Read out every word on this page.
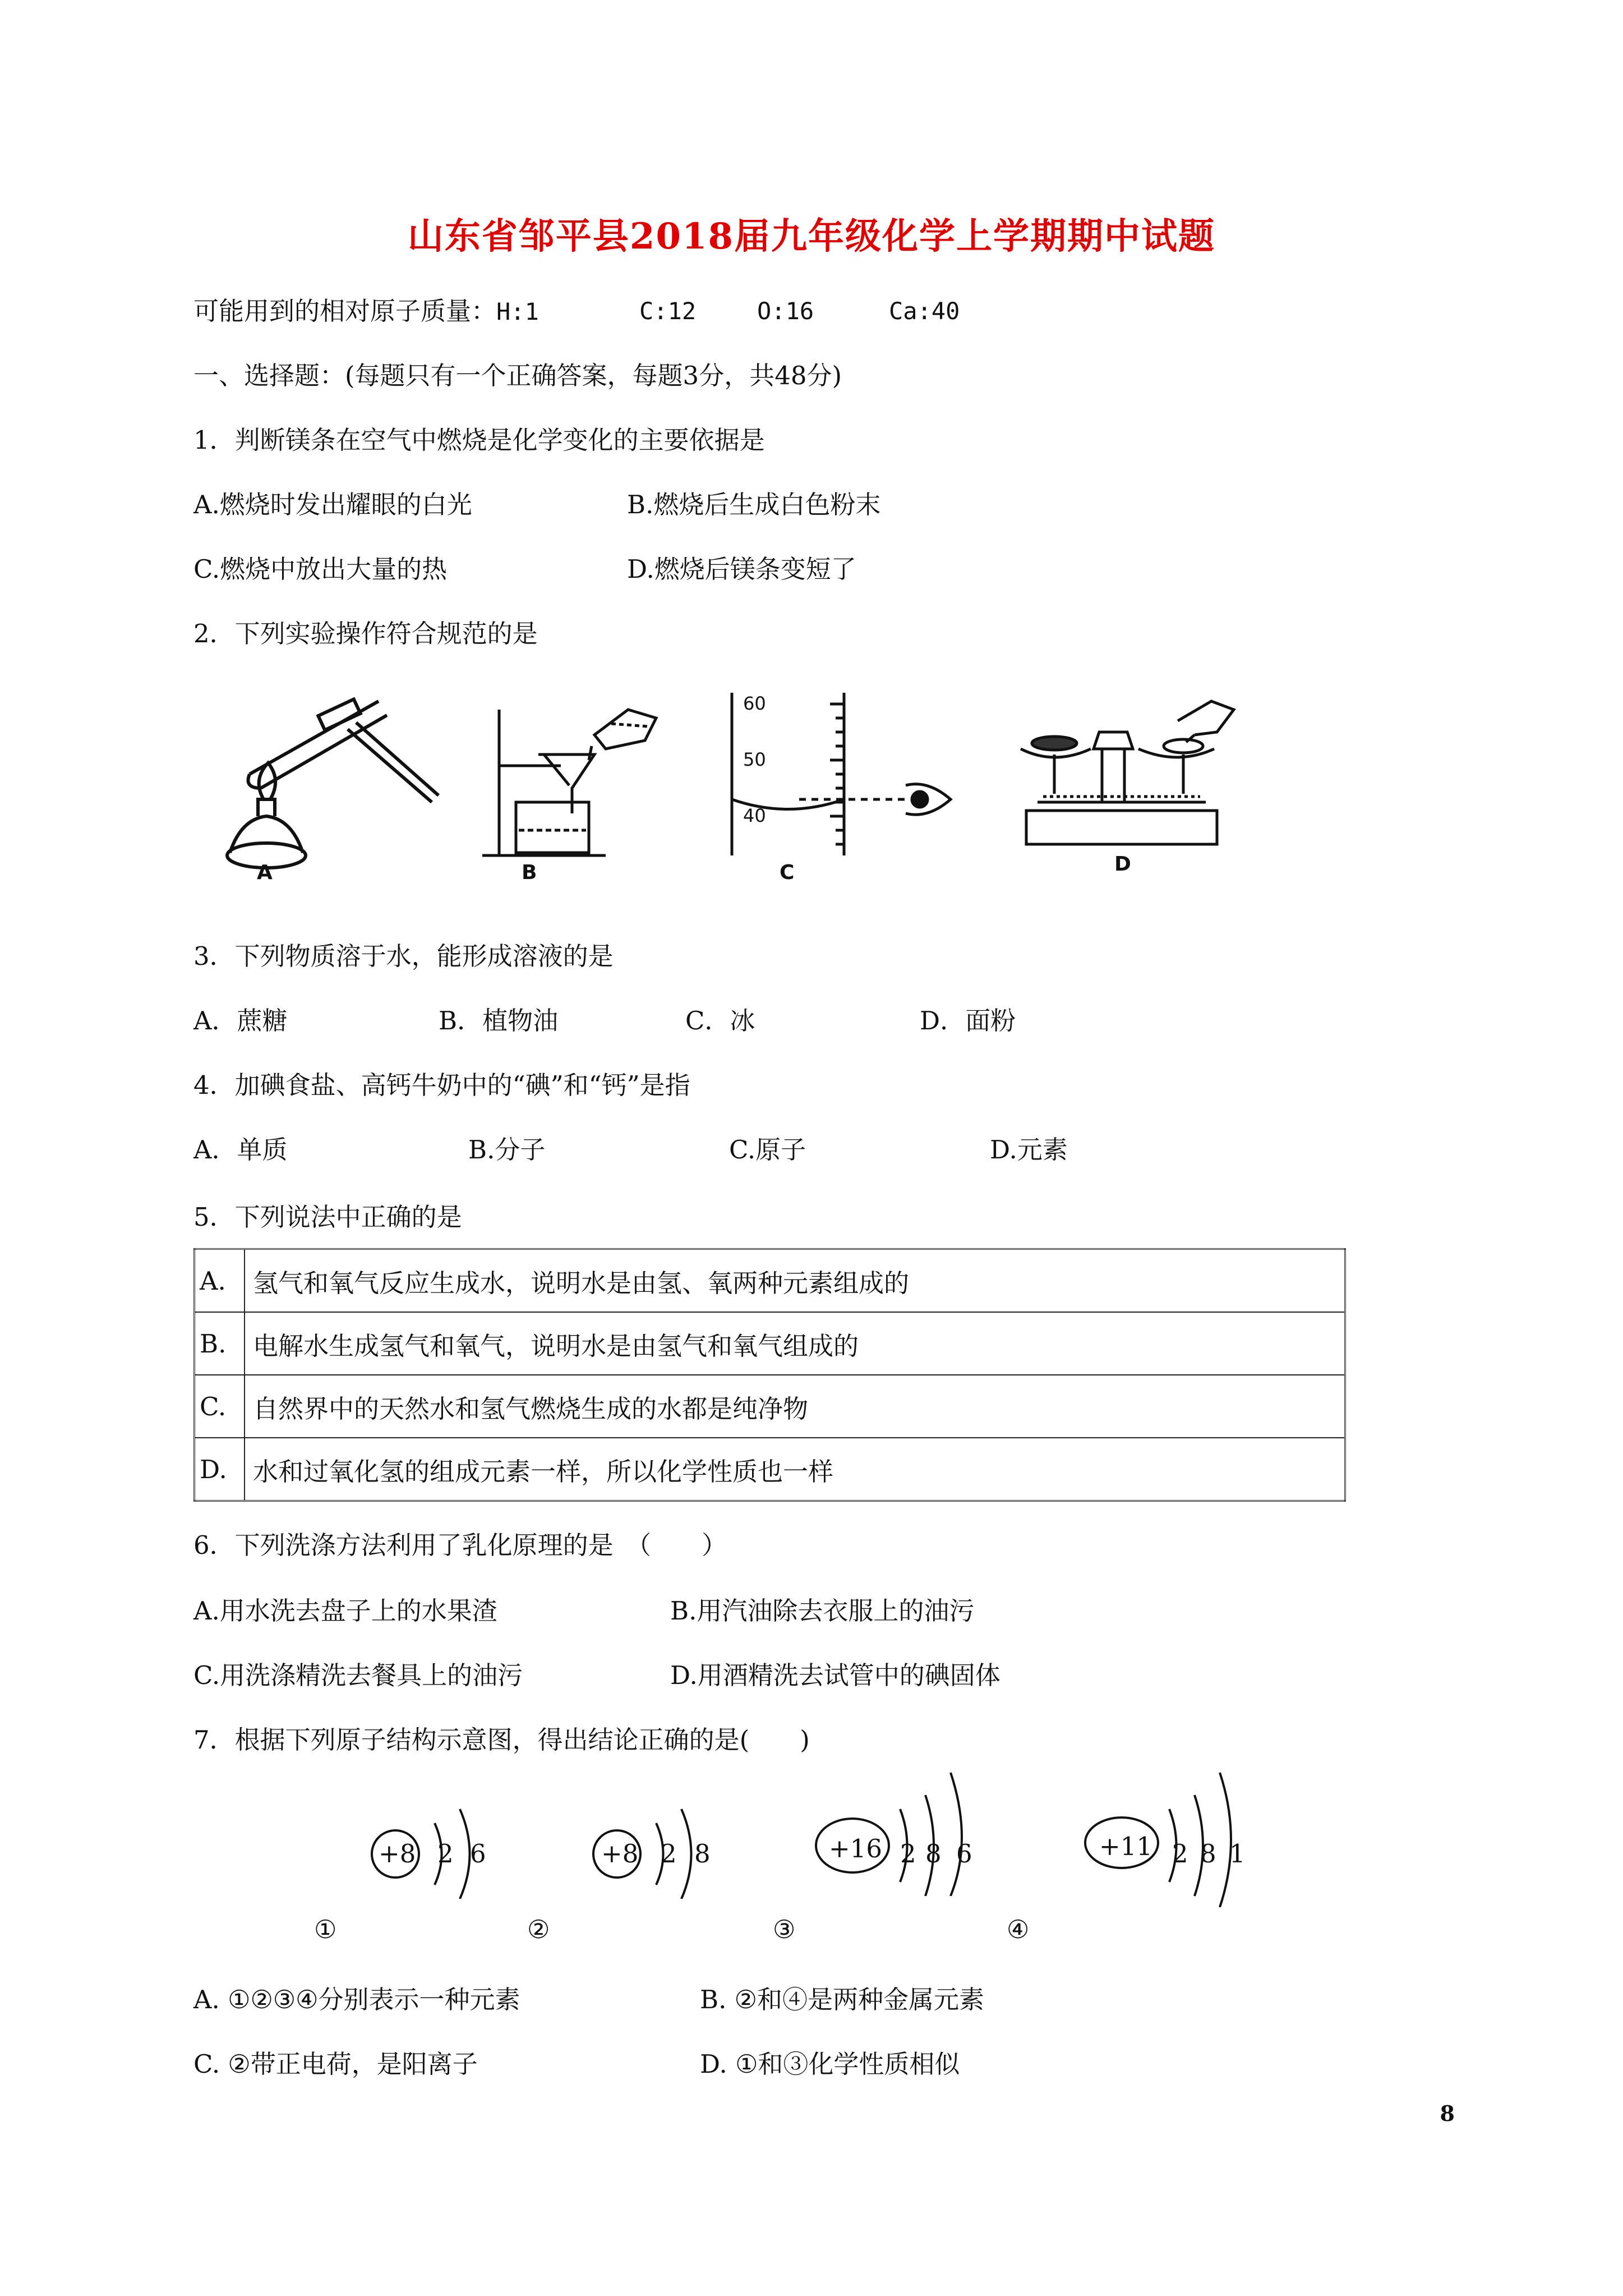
山东省邹平县2018届九年级化学上学期期中试题
可能用到的相对原子质量：H:1	C:12	O:16	Ca:40
一、选择题：(每题只有一个正确答案，每题3分，共48分)
1．判断镁条在空气中燃烧是化学变化的主要依据是
A.燃烧时发出耀眼的白光	B.燃烧后生成白色粉末
C.燃烧中放出大量的热	D.燃烧后镁条变短了
2．下列实验操作符合规范的是
A	B
60
50
40
C	D
3．下列物质溶于水，能形成溶液的是
A．蔗糖	B．植物油	C．冰	D．面粉
4．加碘食盐、高钙牛奶中的“碘”和“钙”是指
A．单质	B.分子	C.原子	D.元素
5．下列说法中正确的是
A.	氢气和氧气反应生成水，说明水是由氢、氧两种元素组成的
B.	电解水生成氢气和氧气，说明水是由氢气和氧气组成的
C.	自然界中的天然水和氢气燃烧生成的水都是纯净物
D.	水和过氧化氢的组成元素一样，所以化学性质也一样
6．下列洗涤方法利用了乳化原理的是　（　　）
A.用水洗去盘子上的水果渣	B.用汽油除去衣服上的油污
C.用洗涤精洗去餐具上的油污	D.用酒精洗去试管中的碘固体
7．根据下列原子结构示意图，得出结论正确的是(　　)
+8 2 6
①
+8 2 8
②
+16 2 8 6
③
+11 2 8 1
④
A. ①②③④分别表示一种元素	B. ②和④是两种金属元素
C. ②带正电荷，是阳离子	D. ①和③化学性质相似
8
